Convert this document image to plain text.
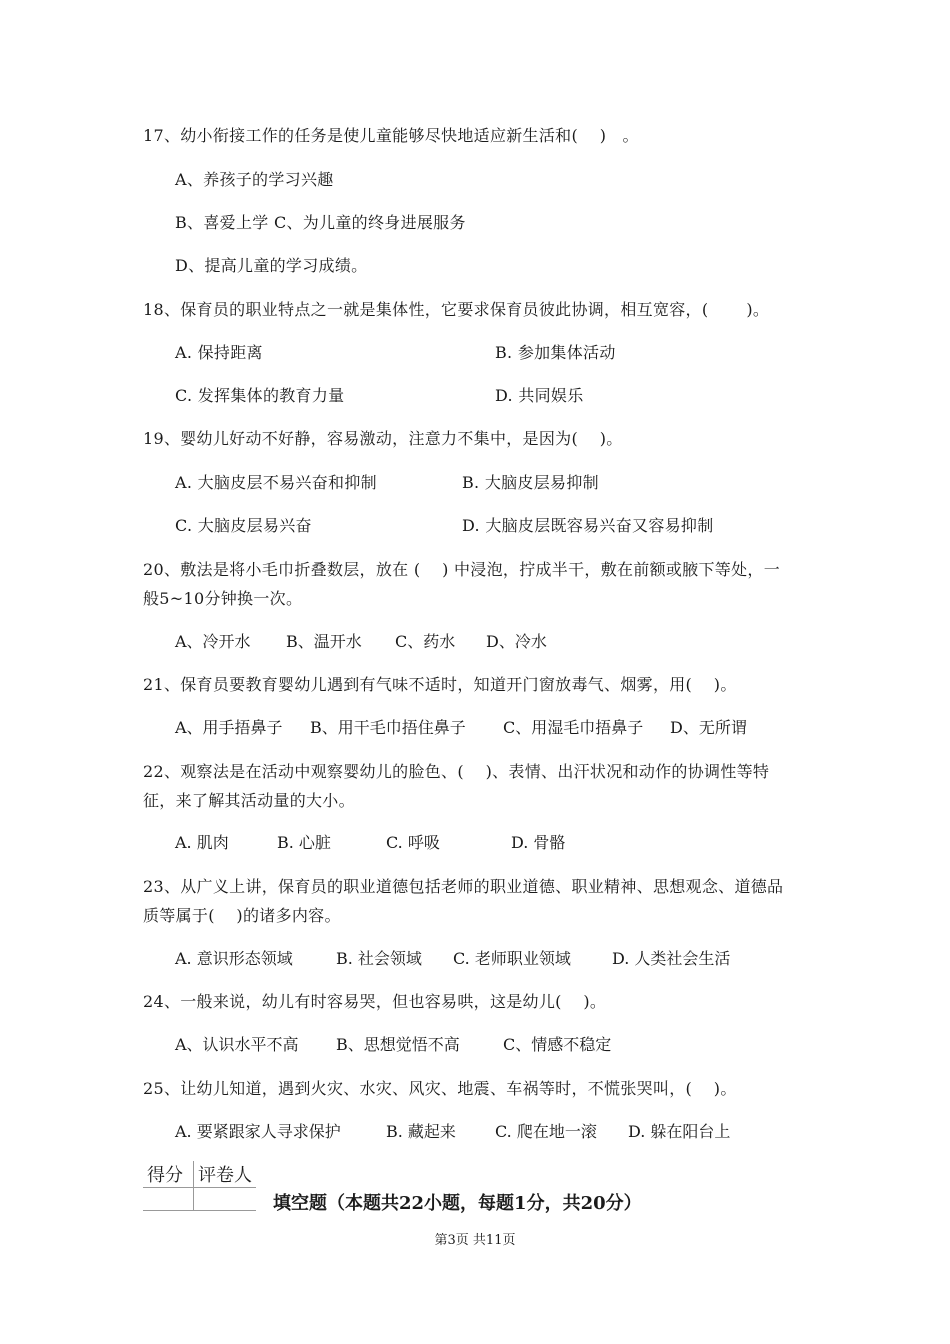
17、幼小衔接工作的任务是使儿童能够尽快地适应新生活和(　 )　。
A、养孩子的学习兴趣
B、喜爱上学 C、为儿童的终身进展服务
D、提高儿童的学习成绩。
18、保育员的职业特点之一就是集体性，它要求保育员彼此协调，相互宽容，(　　 )。
A. 保持距离	B. 参加集体活动
C. 发挥集体的教育力量	D. 共同娱乐
19、婴幼儿好动不好静，容易激动，注意力不集中，是因为(　 )。
A. 大脑皮层不易兴奋和抑制	B. 大脑皮层易抑制
C. 大脑皮层易兴奋	D. 大脑皮层既容易兴奋又容易抑制
20、敷法是将小毛巾折叠数层，放在 (　 ) 中浸泡，拧成半干，敷在前额或腋下等处，一
般5~10分钟换一次。
A、冷开水 B、温开水 C、药水 D、冷水
21、保育员要教育婴幼儿遇到有气味不适时，知道开门窗放毒气、烟雾，用(　 )。
A、用手捂鼻子 B、用干毛巾捂住鼻子 C、用湿毛巾捂鼻子 D、无所谓
22、观察法是在活动中观察婴幼儿的脸色、(　 )、表情、出汗状况和动作的协调性等特
征，来了解其活动量的大小。
A. 肌肉	B. 心脏	C. 呼吸	D. 骨骼
23、从广义上讲，保育员的职业道德包括老师的职业道德、职业精神、思想观念、道德品
质等属于(　 )的诸多内容。
A. 意识形态领域	B. 社会领域 C. 老师职业领域	D. 人类社会生活
24、一般来说，幼儿有时容易哭，但也容易哄，这是幼儿(　 )。
A、认识水平不高 B、思想觉悟不高	C、情感不稳定
25、让幼儿知道，遇到火灾、水灾、风灾、地震、车祸等时，不慌张哭叫，(　 )。
A. 要紧跟家人寻求保护	B. 藏起来 C. 爬在地一滚 D. 躲在阳台上
得分	评卷人

填空题（本题共22小题，每题1分，共20分）
第3页 共11页
